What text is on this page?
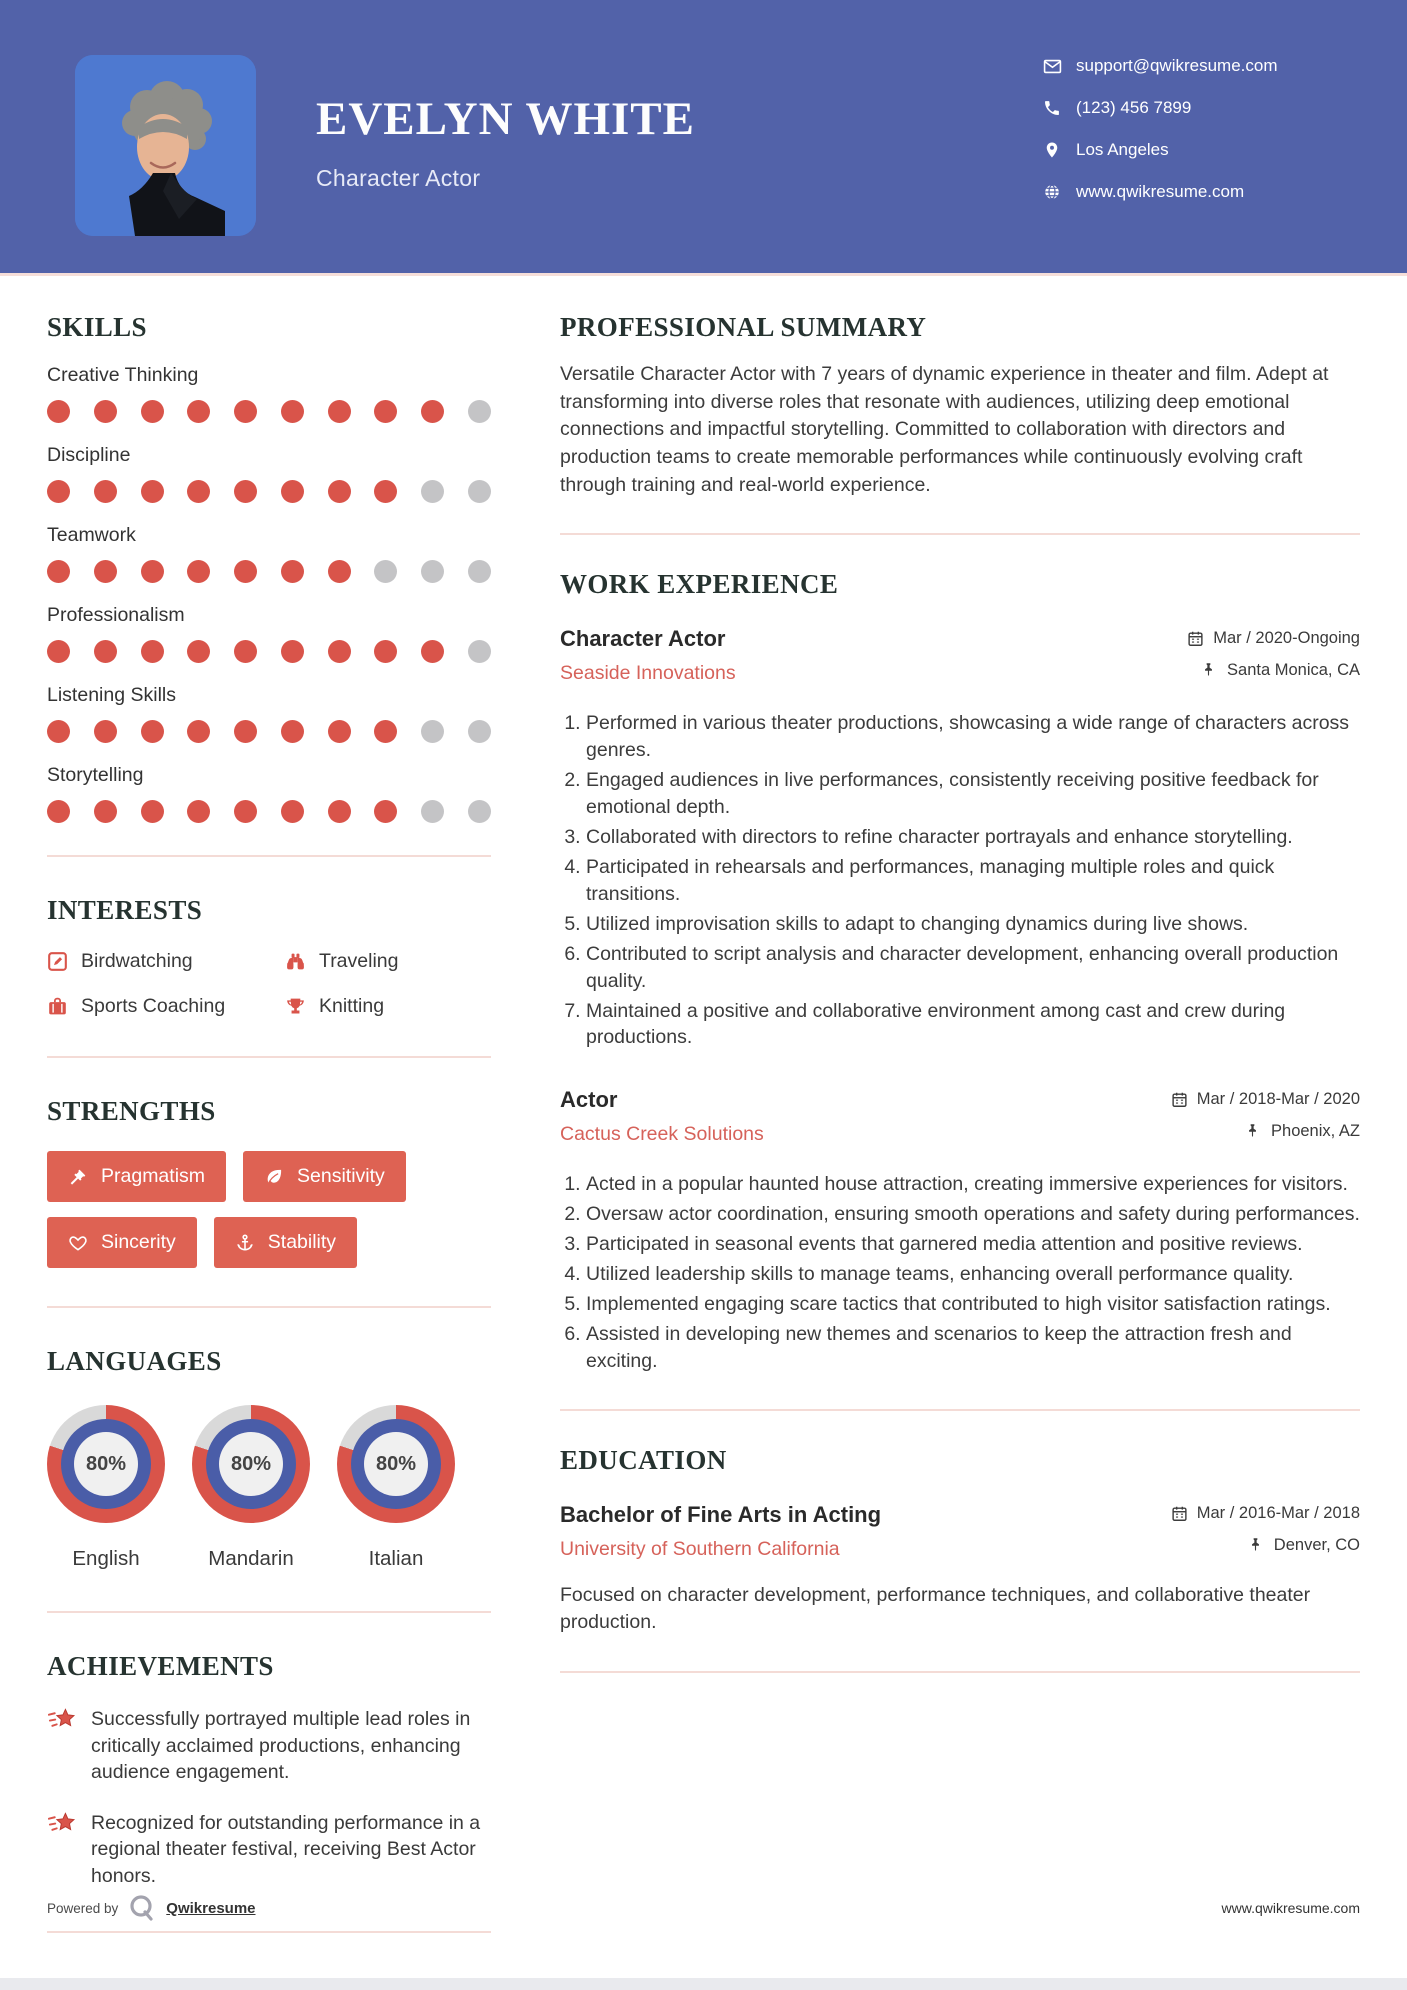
EVELYN WHITE
Character Actor
support@qwikresume.com
(123) 456 7899
Los Angeles
www.qwikresume.com
SKILLS
Creative Thinking
Discipline
Teamwork
Professionalism
Listening Skills
Storytelling
INTERESTS
Birdwatching	Traveling
Sports Coaching	Knitting
STRENGTHS
Pragmatism	Sensitivity
Sincerity	Stability
LANGUAGES
80%
English
80%
Mandarin
80%
Italian
ACHIEVEMENTS
Successfully portrayed multiple lead roles in critically acclaimed productions, enhancing audience engagement.
Recognized for outstanding performance in a regional theater festival, receiving Best Actor honors.
PROFESSIONAL SUMMARY

Versatile Character Actor with 7 years of dynamic experience in theater and film. Adept at transforming into diverse roles that resonate with audiences, utilizing deep emotional connections and impactful storytelling. Committed to collaboration with directors and production teams to create memorable performances while continuously evolving craft through training and real-world experience.

WORK EXPERIENCE
Character Actor
Seaside Innovations
Mar / 2020-Ongoing
Santa Monica, CA
1. Performed in various theater productions, showcasing a wide range of characters across genres.
2. Engaged audiences in live performances, consistently receiving positive feedback for emotional depth.
3. Collaborated with directors to refine character portrayals and enhance storytelling.
4. Participated in rehearsals and performances, managing multiple roles and quick transitions.
5. Utilized improvisation skills to adapt to changing dynamics during live shows.
6. Contributed to script analysis and character development, enhancing overall production quality.
7. Maintained a positive and collaborative environment among cast and crew during productions.
Actor
Cactus Creek Solutions
Mar / 2018-Mar / 2020
Phoenix, AZ
1. Acted in a popular haunted house attraction, creating immersive experiences for visitors.
2. Oversaw actor coordination, ensuring smooth operations and safety during performances.
3. Participated in seasonal events that garnered media attention and positive reviews.
4. Utilized leadership skills to manage teams, enhancing overall performance quality.
5. Implemented engaging scare tactics that contributed to high visitor satisfaction ratings.
6. Assisted in developing new themes and scenarios to keep the attraction fresh and exciting.
EDUCATION
Bachelor of Fine Arts in Acting
University of Southern California
Mar / 2016-Mar / 2018
Denver, CO

Focused on character development, performance techniques, and collaborative theater production.

Powered by	Qwikresume	www.qwikresume.com
